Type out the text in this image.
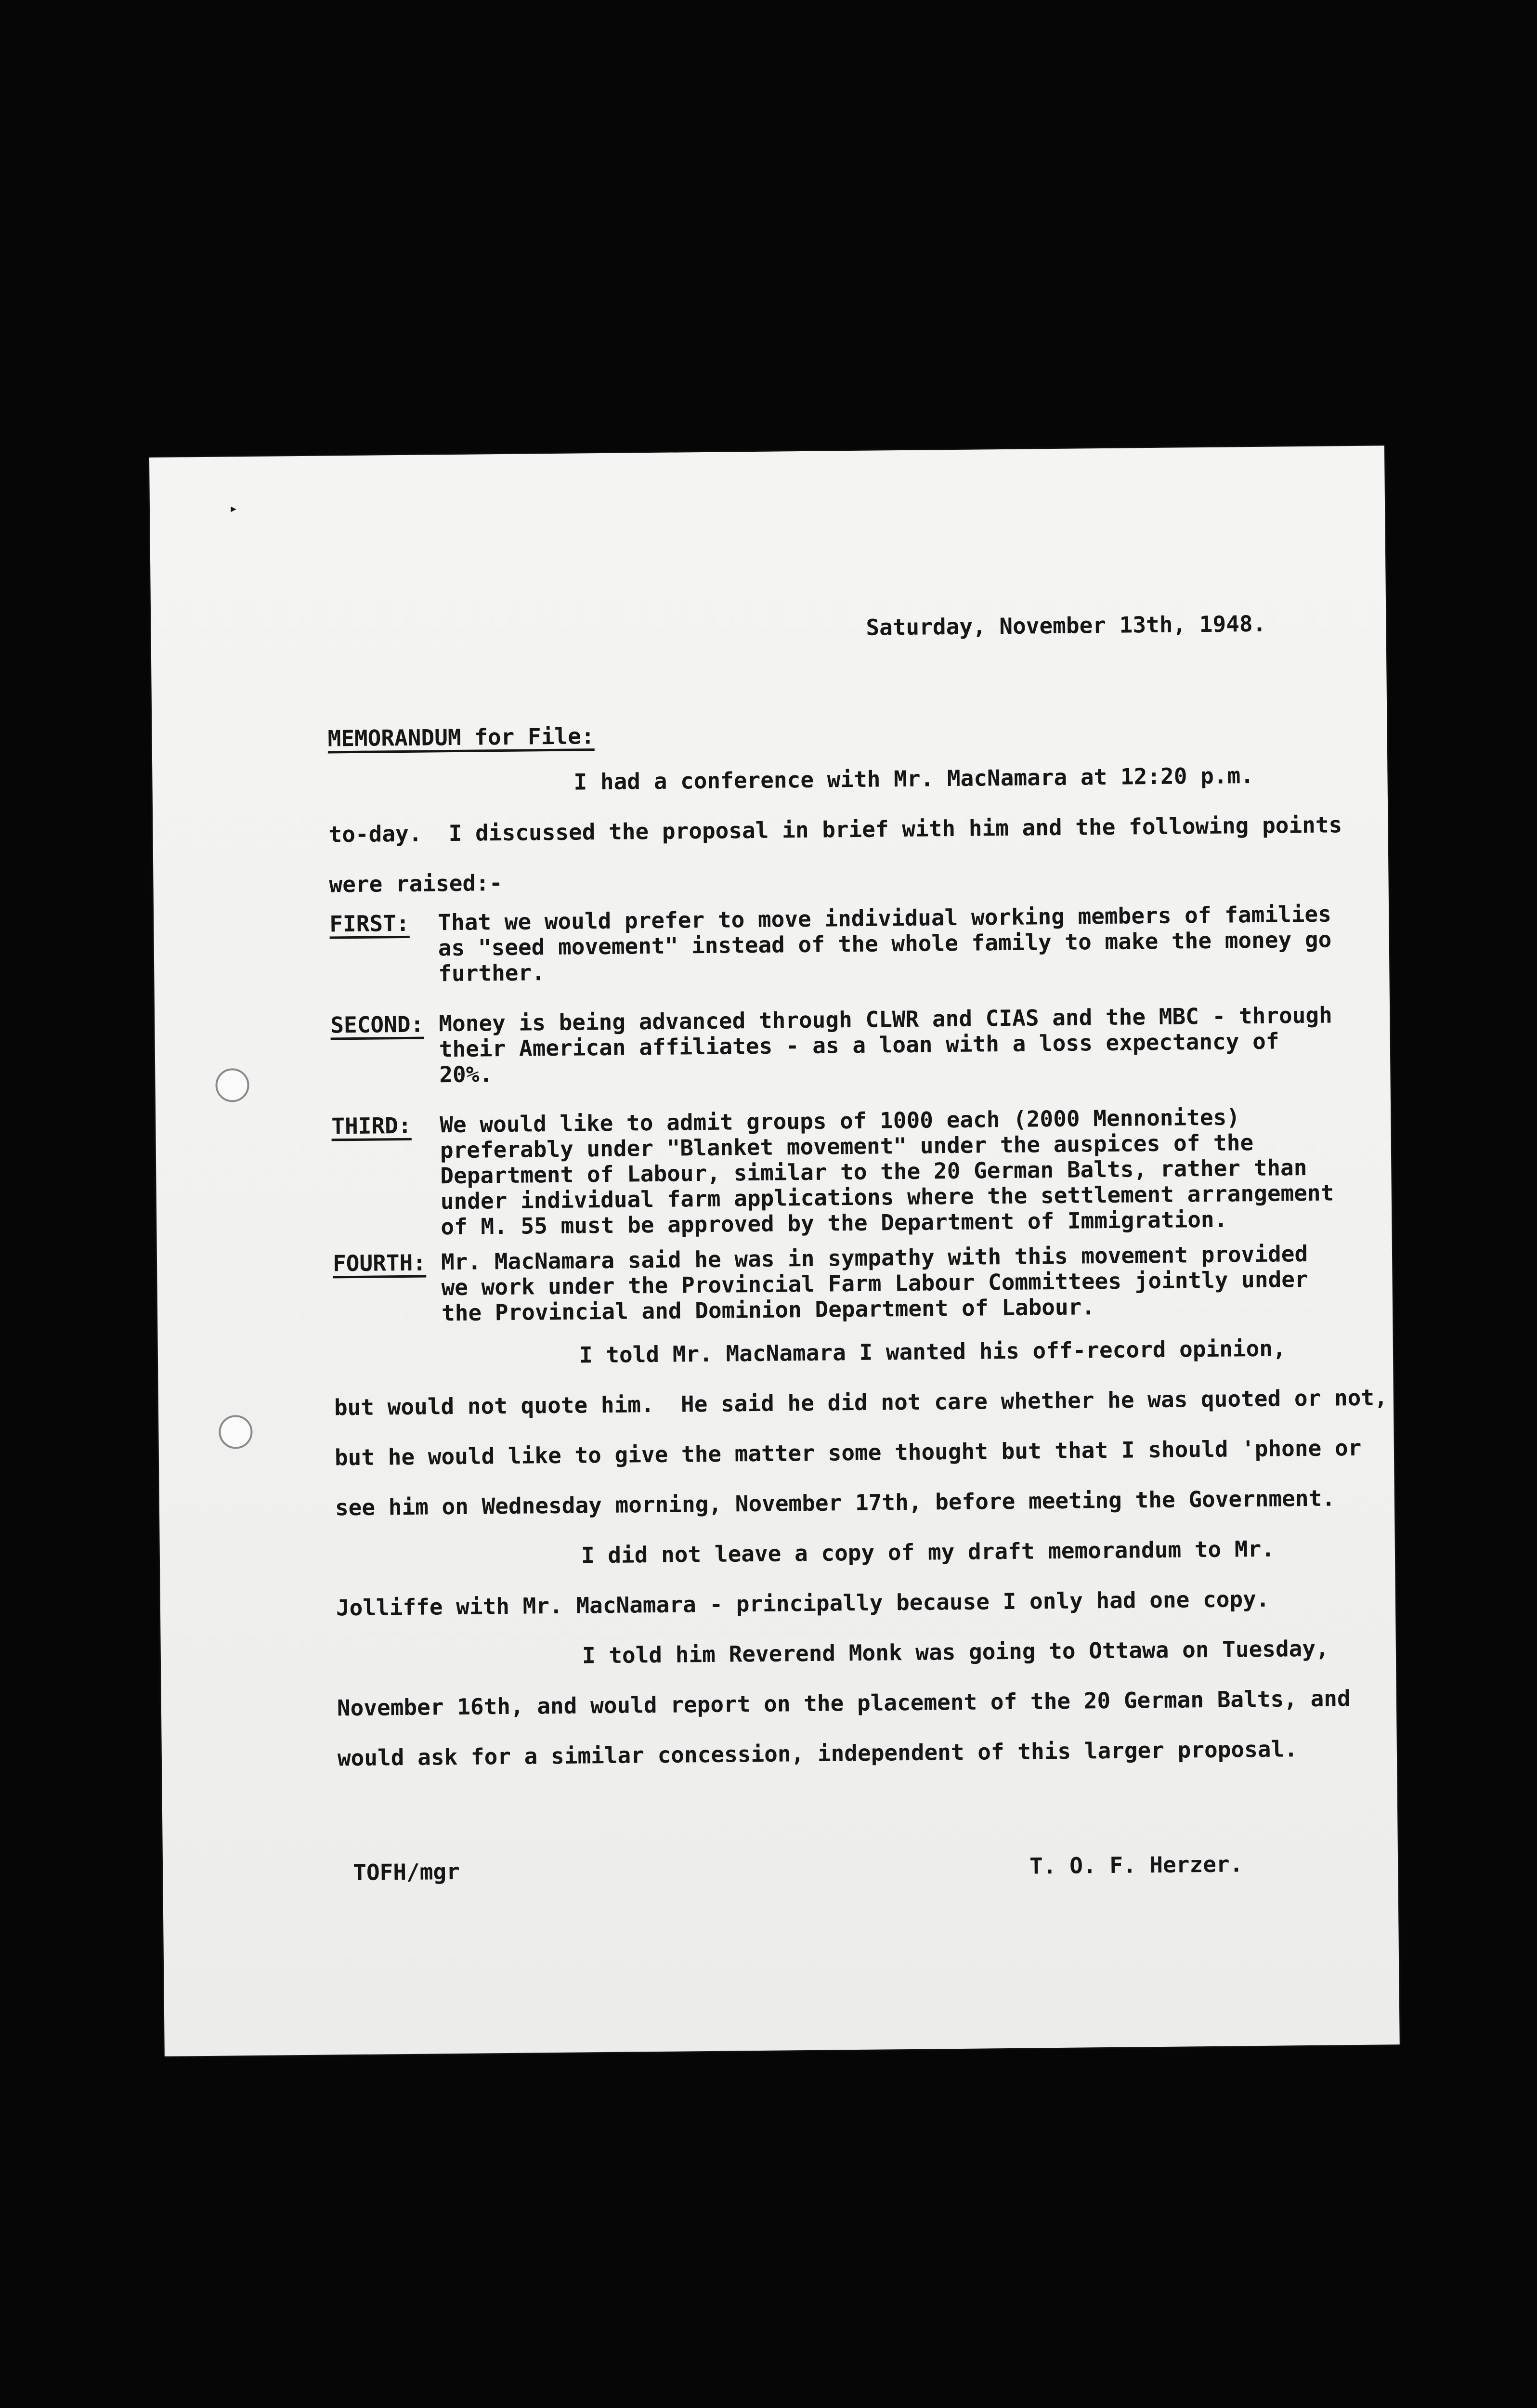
▸
Saturday, November 13th, 1948.
MEMORANDUM for File:
I had a conference with Mr. MacNamara at 12:20 p.m.
to-day.  I discussed the proposal in brief with him and the following points
were raised:-
FIRST: That we would prefer to move individual working members of families as "seed movement" instead of the whole family to make the money go further.
SECOND: Money is being advanced through CLWR and CIAS and the MBC - through their American affiliates - as a loan with a loss expectancy of 20%.
THIRD: We would like to admit groups of 1000 each (2000 Mennonites) preferably under "Blanket movement" under the auspices of the Department of Labour, similar to the 20 German Balts, rather than under individual farm applications where the settlement arrangement of M. 55 must be approved by the Department of Immigration.
FOURTH: Mr. MacNamara said he was in sympathy with this movement provided we work under the Provincial Farm Labour Committees jointly under the Provincial and Dominion Department of Labour.
I told Mr. MacNamara I wanted his off-record opinion,
but would not quote him.  He said he did not care whether he was quoted or not,
but he would like to give the matter some thought but that I should 'phone or
see him on Wednesday morning, November 17th, before meeting the Government.
I did not leave a copy of my draft memorandum to Mr.
Jolliffe with Mr. MacNamara - principally because I only had one copy.
I told him Reverend Monk was going to Ottawa on Tuesday,
November 16th, and would report on the placement of the 20 German Balts, and
would ask for a similar concession, independent of this larger proposal.
TOFH/mgr	T. O. F. Herzer.
